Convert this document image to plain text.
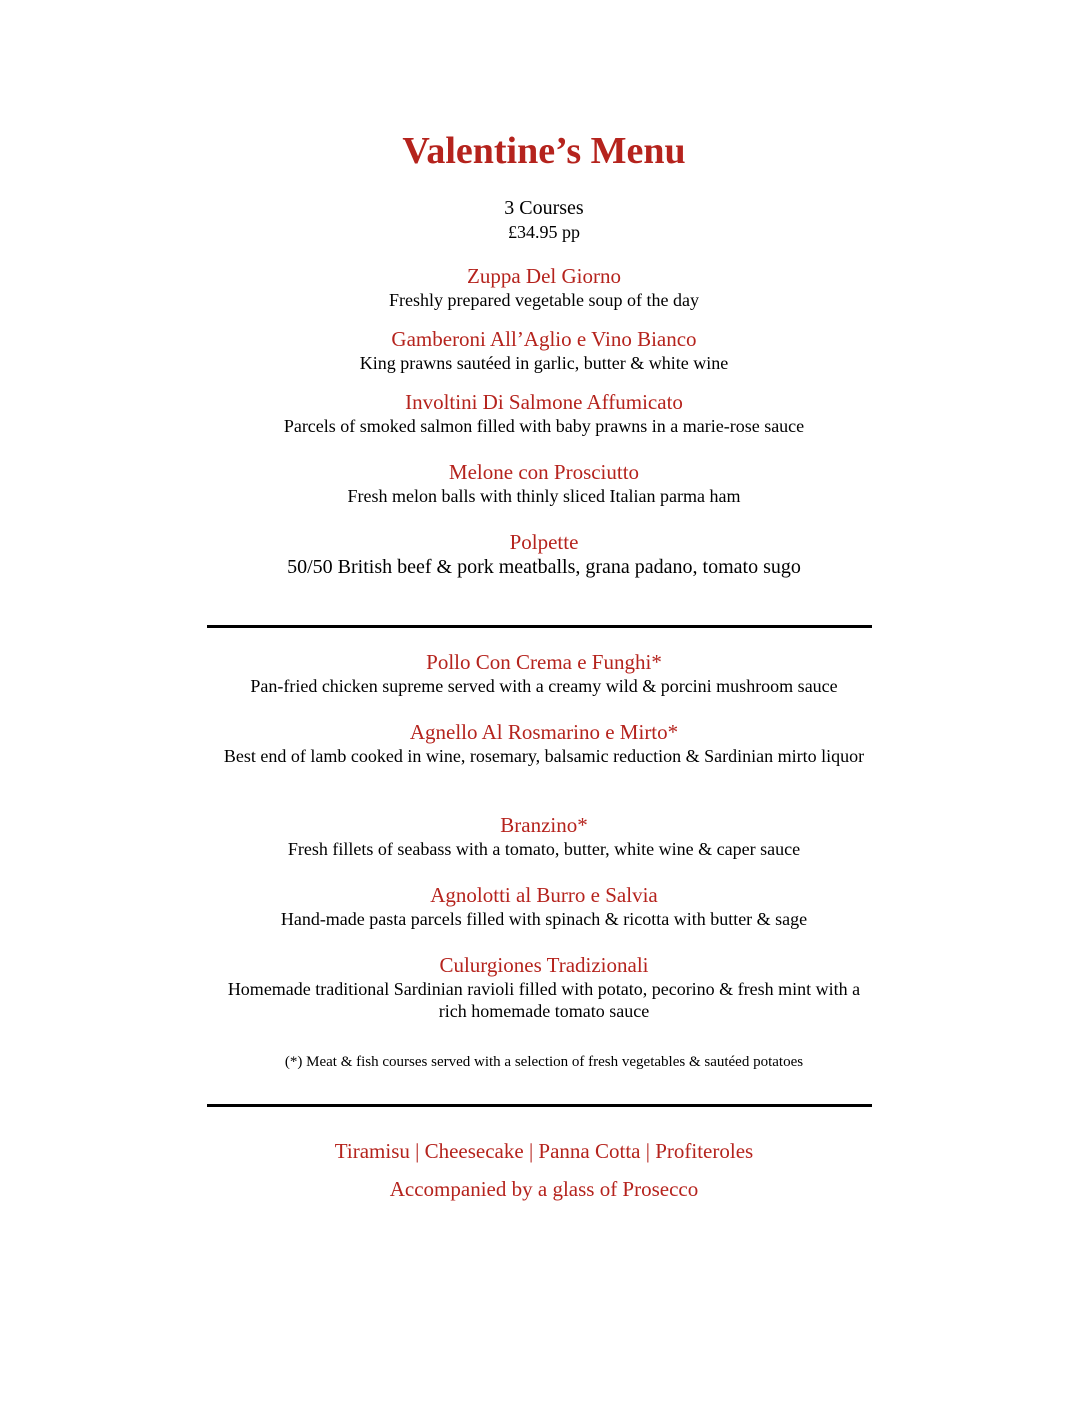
Valentine’s Menu
3 Courses
£34.95 pp
Zuppa Del Giorno
Freshly prepared vegetable soup of the day
Gamberoni All’Aglio e Vino Bianco
King prawns sautéed in garlic, butter & white wine
Involtini Di Salmone Affumicato
Parcels of smoked salmon filled with baby prawns in a marie-rose sauce
Melone con Prosciutto
Fresh melon balls with thinly sliced Italian parma ham
Polpette
50/50 British beef & pork meatballs, grana padano, tomato sugo
Pollo Con Crema e Funghi*
Pan-fried chicken supreme served with a creamy wild & porcini mushroom sauce
Agnello Al Rosmarino e Mirto*
Best end of lamb cooked in wine, rosemary, balsamic reduction & Sardinian mirto liquor
Branzino*
Fresh fillets of seabass with a tomato, butter, white wine & caper sauce
Agnolotti al Burro e Salvia
Hand-made pasta parcels filled with spinach & ricotta with butter & sage
Culurgiones Tradizionali
Homemade traditional Sardinian ravioli filled with potato, pecorino & fresh mint with a rich homemade tomato sauce
(*) Meat & fish courses served with a selection of fresh vegetables & sautéed potatoes
Tiramisu | Cheesecake | Panna Cotta | Profiteroles
Accompanied by a glass of Prosecco
